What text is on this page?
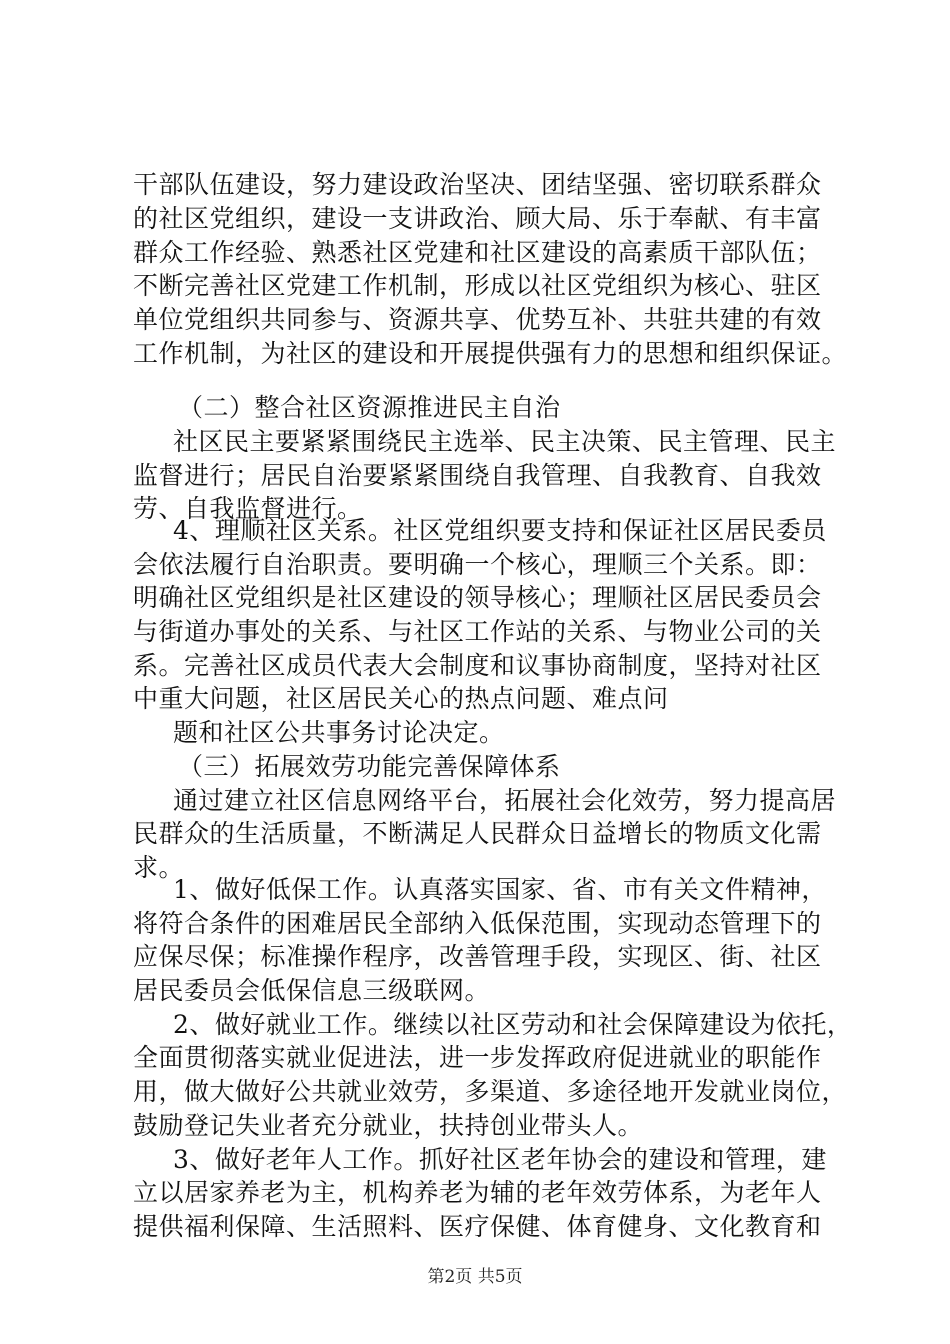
干部队伍建设，努力建设政治坚决、团结坚强、密切联系群众
的社区党组织，建设一支讲政治、顾大局、乐于奉献、有丰富
群众工作经验、熟悉社区党建和社区建设的高素质干部队伍；
不断完善社区党建工作机制，形成以社区党组织为核心、驻区
单位党组织共同参与、资源共享、优势互补、共驻共建的有效
工作机制，为社区的建设和开展提供强有力的思想和组织保证。
（二）整合社区资源推进民主自治
社区民主要紧紧围绕民主选举、民主决策、民主管理、民主
监督进行；居民自治要紧紧围绕自我管理、自我教育、自我效
劳、自我监督进行。
4、理顺社区关系。社区党组织要支持和保证社区居民委员
会依法履行自治职责。要明确一个核心，理顺三个关系。即：
明确社区党组织是社区建设的领导核心；理顺社区居民委员会
与街道办事处的关系、与社区工作站的关系、与物业公司的关
系。完善社区成员代表大会制度和议事协商制度，坚持对社区
中重大问题，社区居民关心的热点问题、难点问
题和社区公共事务讨论决定。
（三）拓展效劳功能完善保障体系
通过建立社区信息网络平台，拓展社会化效劳，努力提高居
民群众的生活质量，不断满足人民群众日益增长的物质文化需
求。
1、做好低保工作。认真落实国家、省、市有关文件精神，
将符合条件的困难居民全部纳入低保范围，实现动态管理下的
应保尽保；标准操作程序，改善管理手段，实现区、街、社区
居民委员会低保信息三级联网。
2、做好就业工作。继续以社区劳动和社会保障建设为依托，
全面贯彻落实就业促进法，进一步发挥政府促进就业的职能作
用，做大做好公共就业效劳，多渠道、多途径地开发就业岗位，
鼓励登记失业者充分就业，扶持创业带头人。
3、做好老年人工作。抓好社区老年协会的建设和管理，建
立以居家养老为主，机构养老为辅的老年效劳体系，为老年人
提供福利保障、生活照料、医疗保健、体育健身、文化教育和
第2页 共5页
